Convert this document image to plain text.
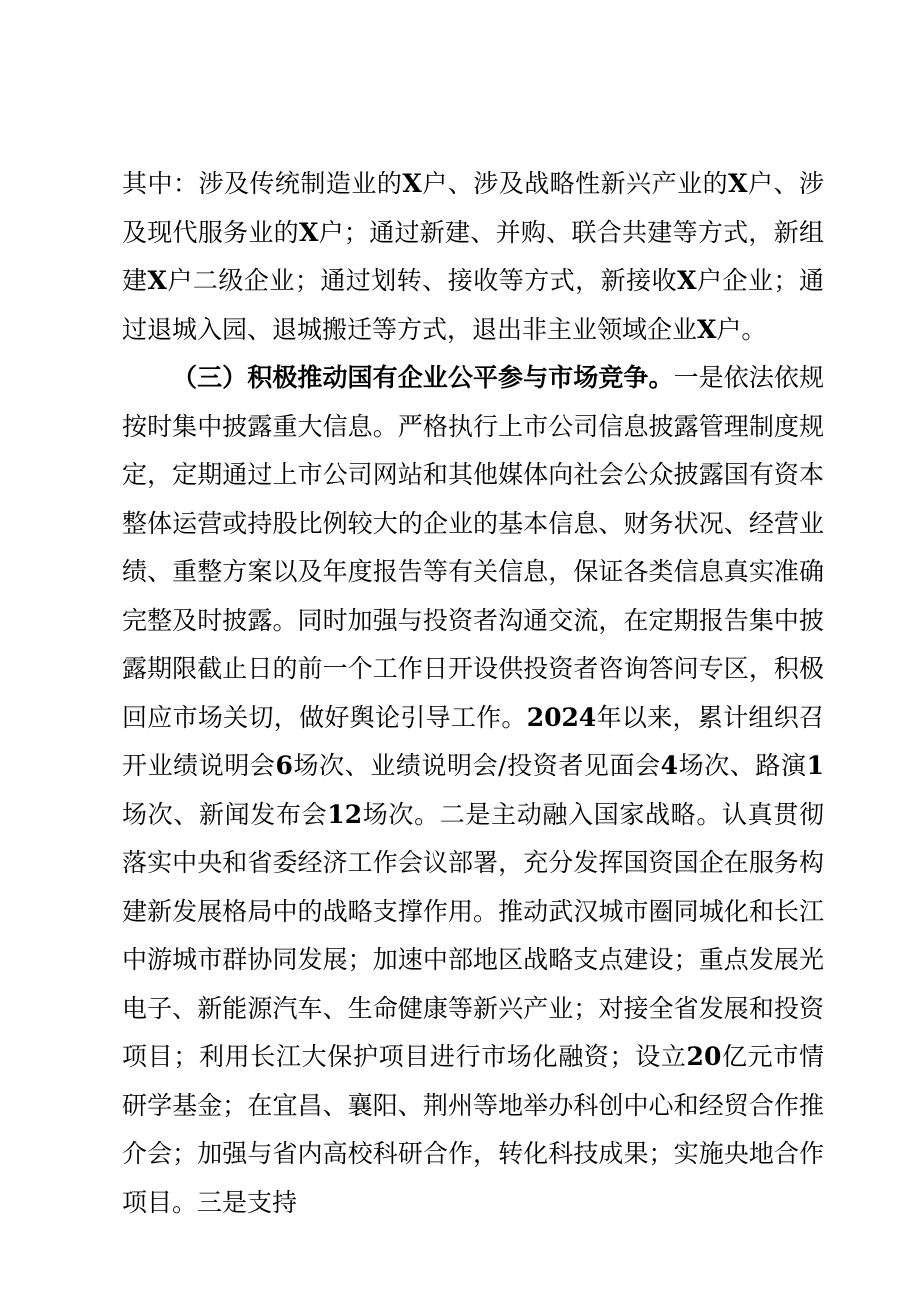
其中：涉及传统制造业的X户、涉及战略性新兴产业的X户、涉及现代服务业的X户；通过新建、并购、联合共建等方式，新组建X户二级企业；通过划转、接收等方式，新接收X户企业；通过退城入园、退城搬迁等方式，退出非主业领域企业X户。

（三）积极推动国有企业公平参与市场竞争。一是依法依规按时集中披露重大信息。严格执行上市公司信息披露管理制度规定，定期通过上市公司网站和其他媒体向社会公众披露国有资本整体运营或持股比例较大的企业的基本信息、财务状况、经营业绩、重整方案以及年度报告等有关信息，保证各类信息真实准确完整及时披露。同时加强与投资者沟通交流，在定期报告集中披露期限截止日的前一个工作日开设供投资者咨询答问专区，积极回应市场关切，做好舆论引导工作。2024年以来，累计组织召开业绩说明会6场次、业绩说明会/投资者见面会4场次、路演1场次、新闻发布会12场次。二是主动融入国家战略。认真贯彻落实中央和省委经济工作会议部署，充分发挥国资国企在服务构建新发展格局中的战略支撑作用。推动武汉城市圈同城化和长江中游城市群协同发展；加速中部地区战略支点建设；重点发展光电子、新能源汽车、生命健康等新兴产业；对接全省发展和投资项目；利用长江大保护项目进行市场化融资；设立20亿元市情研学基金；在宜昌、襄阳、荆州等地举办科创中心和经贸合作推介会；加强与省内高校科研合作，转化科技成果；实施央地合作项目。三是支持
